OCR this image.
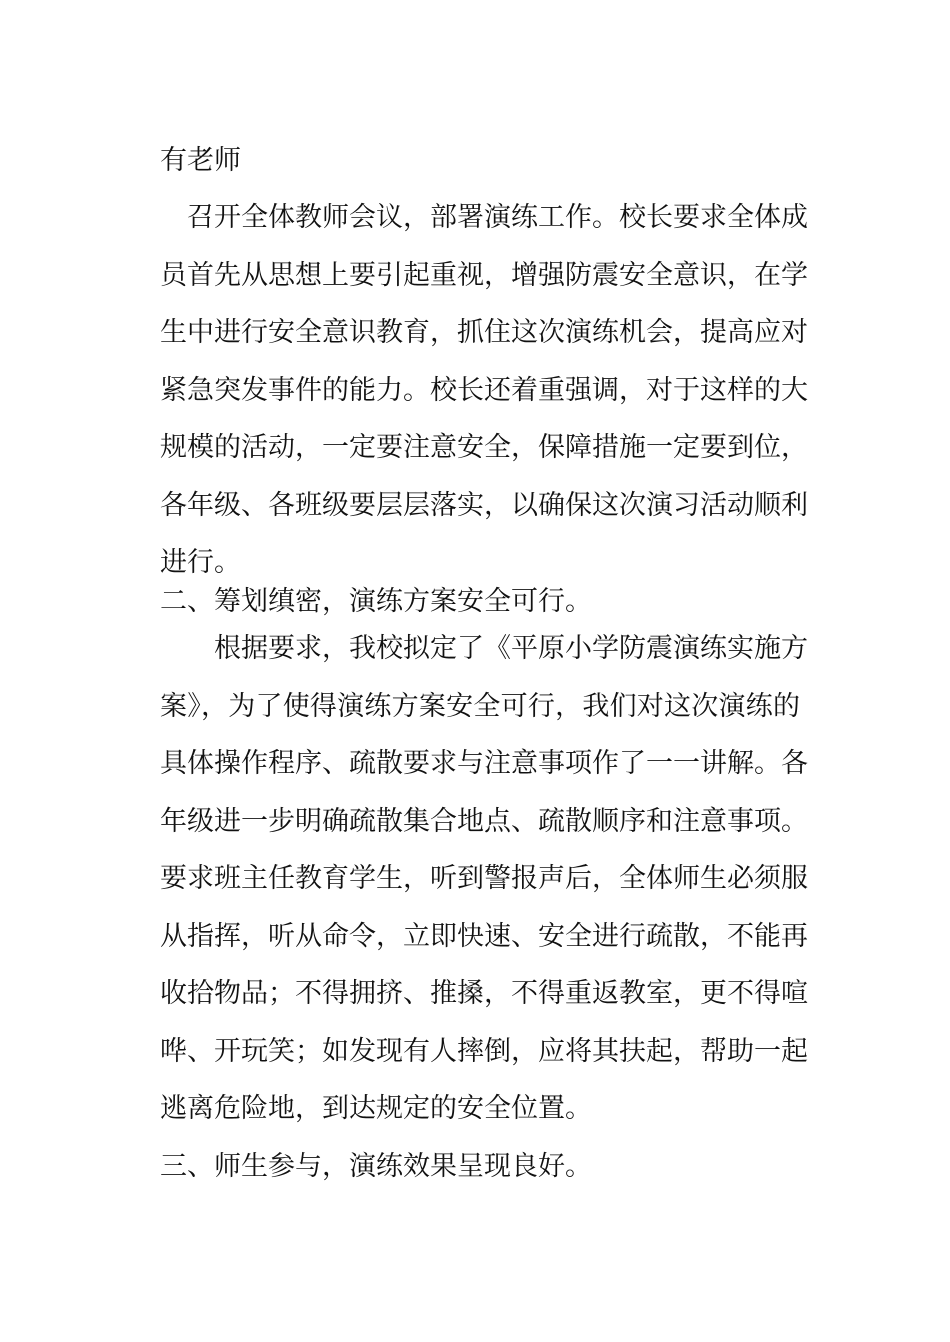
有老师
　召开全体教师会议，部署演练工作。校长要求全体成
员首先从思想上要引起重视，增强防震安全意识，在学
生中进行安全意识教育，抓住这次演练机会，提高应对
紧急突发事件的能力。校长还着重强调，对于这样的大
规模的活动，一定要注意安全，保障措施一定要到位，
各年级、各班级要层层落实，以确保这次演习活动顺利
进行。
二、筹划缜密，演练方案安全可行。
　　根据要求，我校拟定了《平原小学防震演练实施方
案》，为了使得演练方案安全可行，我们对这次演练的
具体操作程序、疏散要求与注意事项作了一一讲解。各
年级进一步明确疏散集合地点、疏散顺序和注意事项。
要求班主任教育学生，听到警报声后，全体师生必须服
从指挥，听从命令，立即快速、安全进行疏散，不能再
收拾物品；不得拥挤、推搡，不得重返教室，更不得喧
哗、开玩笑；如发现有人摔倒，应将其扶起，帮助一起
逃离危险地，到达规定的安全位置。
三、师生参与，演练效果呈现良好。
